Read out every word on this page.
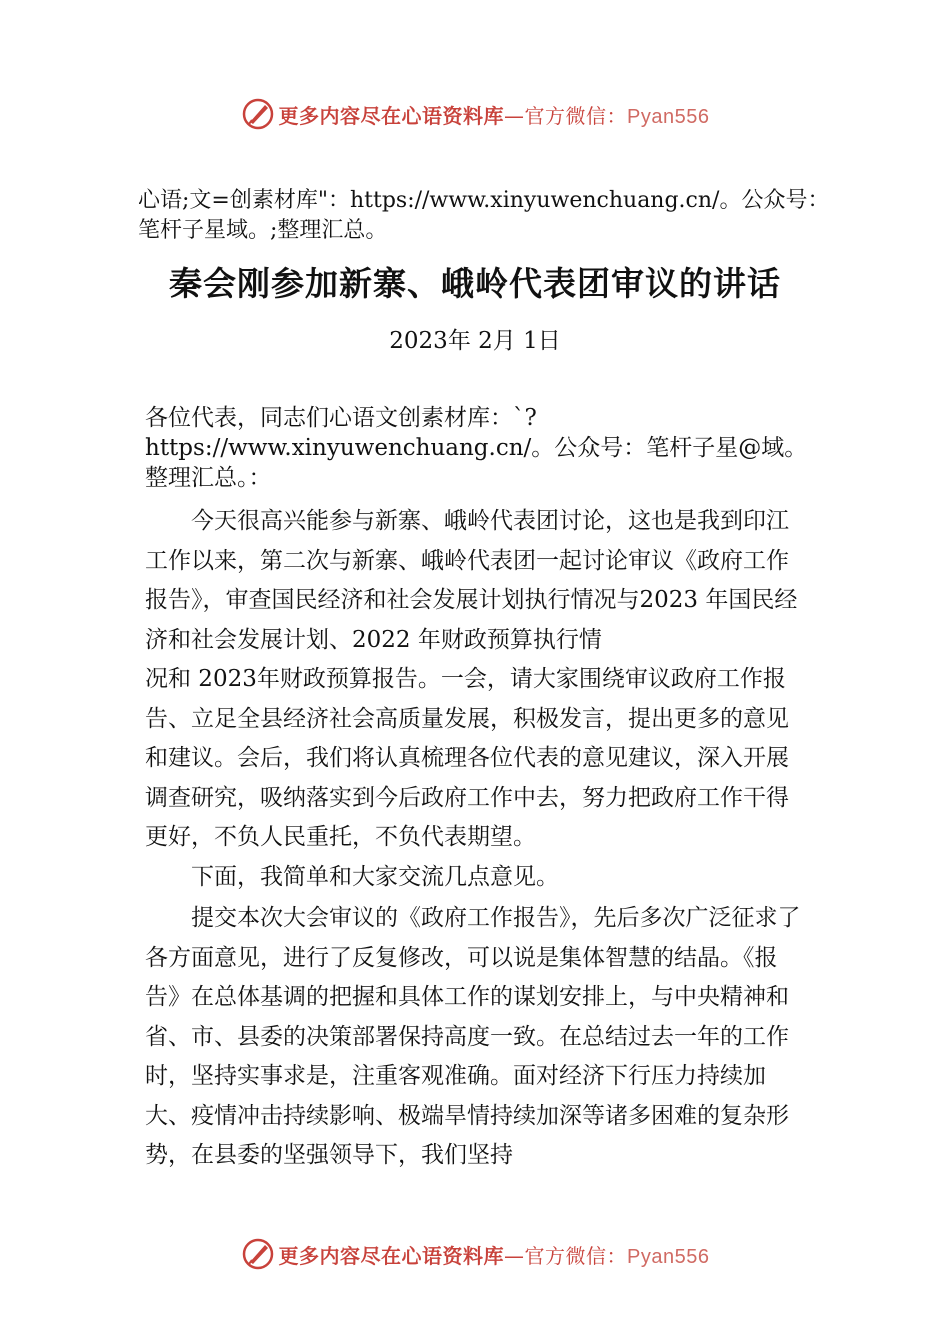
更多内容尽在心语资料库—官方微信：Pyan556
心语;文=创素材库"：https://www.xinyuwenchuang.cn/。公众号：笔杆子星域。;整理汇总。
秦会刚参加新寨、峨岭代表团审议的讲话
2023年 2月 1日

各位代表，同志们心语文创素材库：`?https://www.xinyuwenchuang.cn/。公众号：笔杆子星@域。整理汇总。：

今天很高兴能参与新寨、峨岭代表团讨论，这也是我到印江工作以来，第二次与新寨、峨岭代表团一起讨论审议《政府工作报告》，审查国民经济和社会发展计划执行情况与2023 年国民经济和社会发展计划、2022 年财政预算执行情

况和 2023年财政预算报告。一会，请大家围绕审议政府工作报告、立足全县经济社会高质量发展，积极发言，提出更多的意见和建议。会后，我们将认真梳理各位代表的意见建议，深入开展调查研究，吸纳落实到今后政府工作中去，努力把政府工作干得更好，不负人民重托，不负代表期望。

下面，我简单和大家交流几点意见。

提交本次大会审议的《政府工作报告》，先后多次广泛征求了各方面意见，进行了反复修改，可以说是集体智慧的结晶。《报告》在总体基调的把握和具体工作的谋划安排上，与中央精神和省、市、县委的决策部署保持高度一致。在总结过去一年的工作时，坚持实事求是，注重客观准确。面对经济下行压力持续加大、疫情冲击持续影响、极端旱情持续加深等诸多困难的复杂形势，在县委的坚强领导下，我们坚持

更多内容尽在心语资料库—官方微信：Pyan556
